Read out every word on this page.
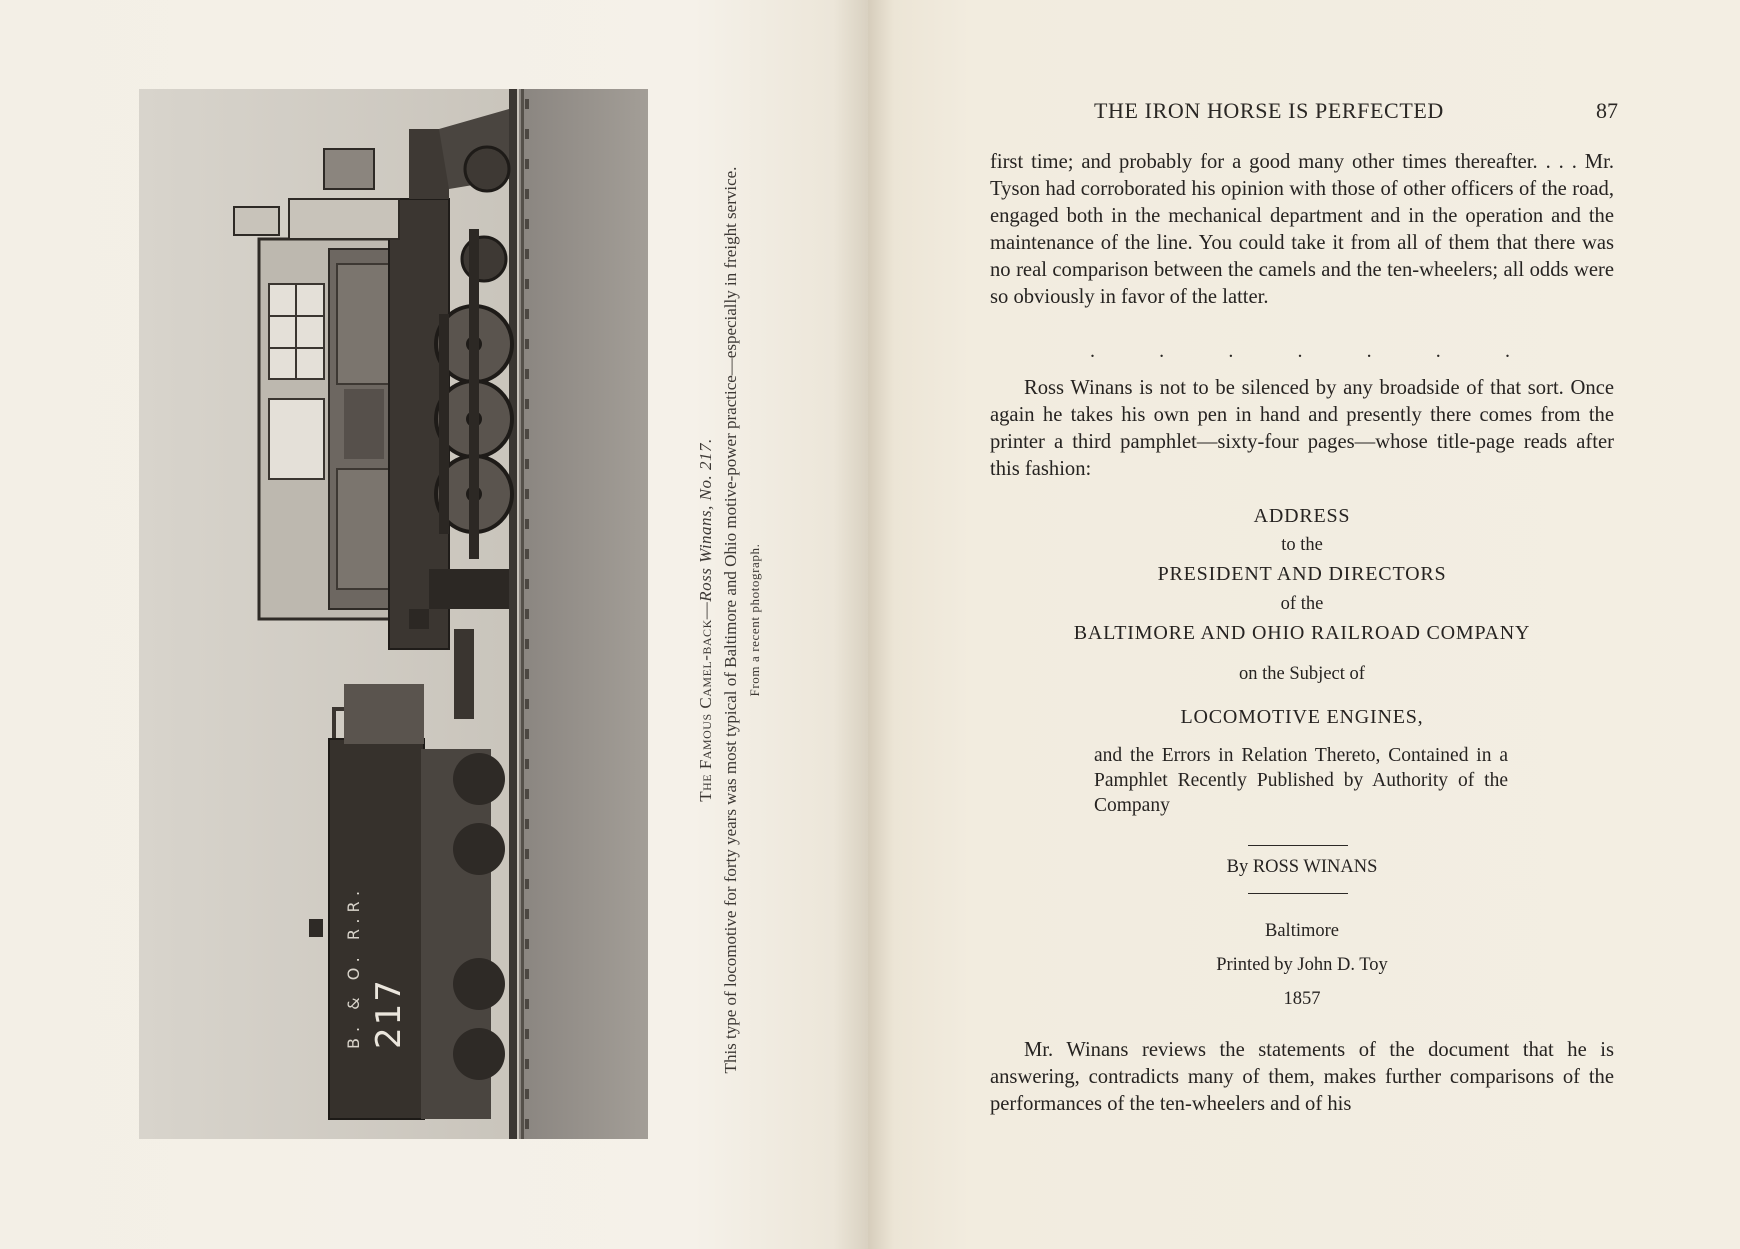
B. & O. R.R. 217
The Famous Camel-back—Ross Winans, No. 217. This type of locomotive for forty years was most typical of Baltimore and Ohio motive-power practice—especially in freight service. From a recent photograph.
THE IRON HORSE IS PERFECTED	87

first time; and probably for a good many other times thereafter. . . . Mr. Tyson had corroborated his opinion with those of other officers of the road, engaged both in the mechanical department and in the operation and the maintenance of the line. You could take it from all of them that there was no real comparison between the camels and the ten-wheelers; all odds were so obviously in favor of the latter.

.	.	.	.	.	.	.

Ross Winans is not to be silenced by any broadside of that sort. Once again he takes his own pen in hand and presently there comes from the printer a third pamphlet—sixty-four pages—whose title-page reads after this fashion:

ADDRESS
to the
PRESIDENT AND DIRECTORS
of the
BALTIMORE AND OHIO RAILROAD COMPANY
on the Subject of
LOCOMOTIVE ENGINES,
and the Errors in Relation Thereto, Contained in a Pamphlet Recently Published by Authority of the Company
By ROSS WINANS
Baltimore
Printed by John D. Toy
1857

Mr. Winans reviews the statements of the document that he is answering, contradicts many of them, makes further comparisons of the performances of the ten-wheelers and of his
